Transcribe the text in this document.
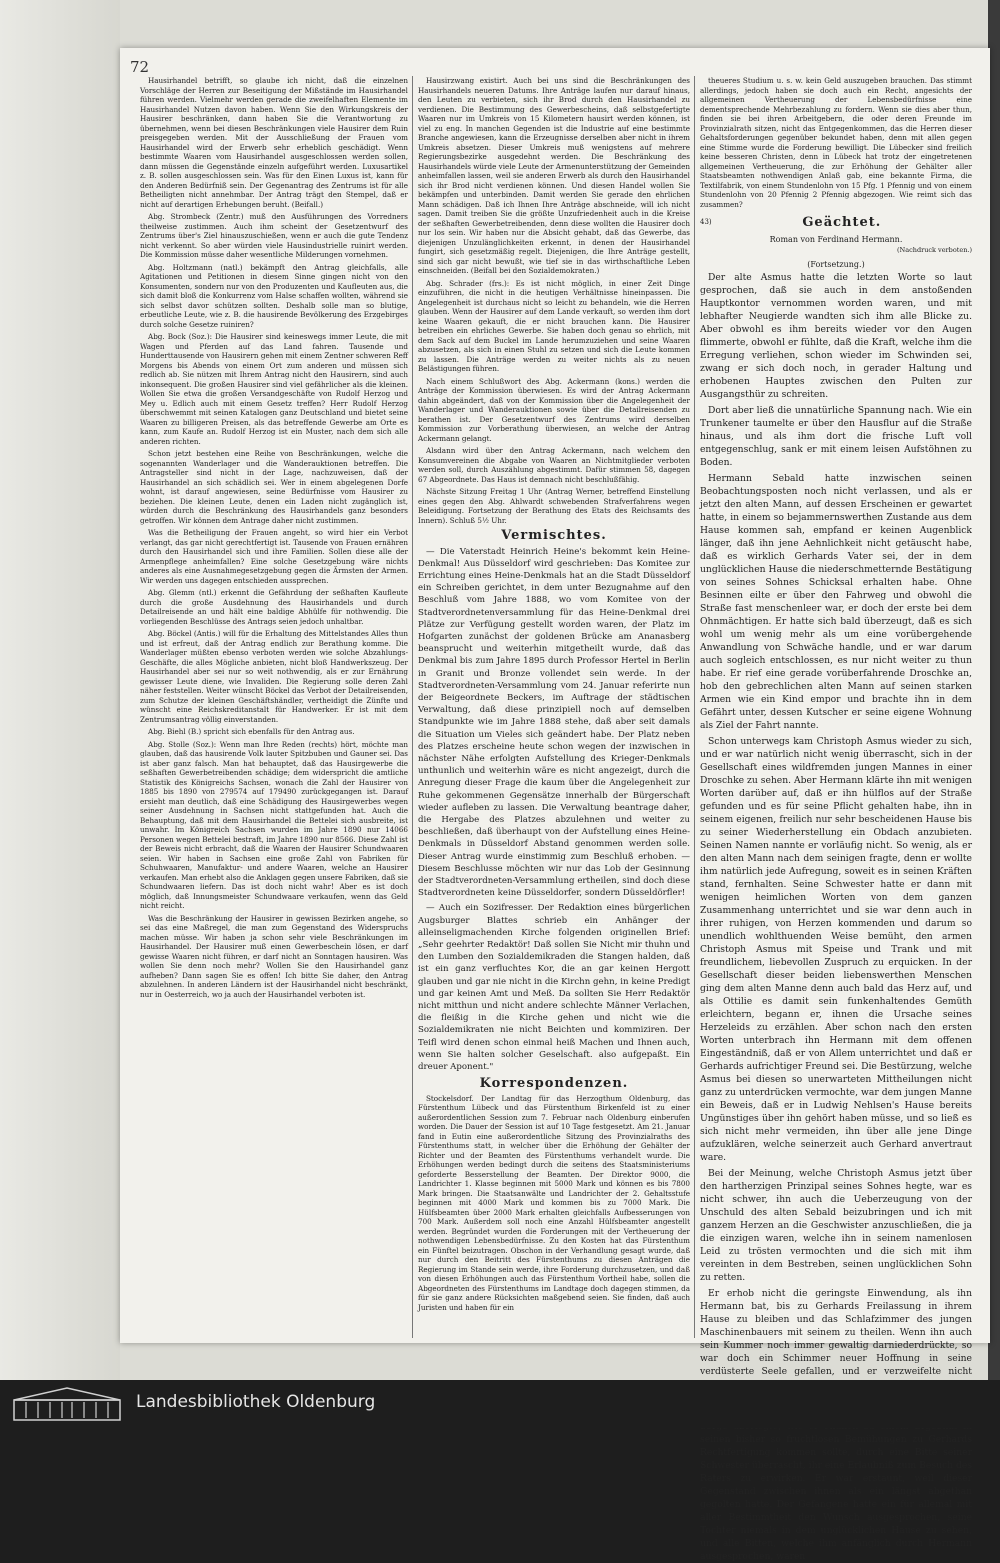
72

Hausirhandel betrifft, so glaube ich nicht, daß die einzelnen Vorschläge der Herren zur Beseitigung der Mißstände im Hausirhandel führen werden. Vielmehr werden gerade die zweifelhaften Elemente im Hausirhandel Nutzen davon haben. Wenn Sie den Wirkungskreis der Hausirer beschränken, dann haben Sie die Verantwortung zu übernehmen, wenn bei diesen Beschränkungen viele Hausirer dem Ruin preisgegeben werden. Mit der Ausschließung der Frauen vom Hausirhandel wird der Erwerb sehr erheblich geschädigt. Wenn bestimmte Waaren vom Hausirhandel ausgeschlossen werden sollen, dann müssen die Gegenstände einzeln aufgeführt werden. Luxusartikel z. B. sollen ausgeschlossen sein. Was für den Einen Luxus ist, kann für den Anderen Bedürfniß sein. Der Gegenantrag des Zentrums ist für alle Betheiligten nicht annehmbar. Der Antrag trägt den Stempel, daß er nicht auf derartigen Erhebungen beruht. (Beifall.)

Abg. Strombeck (Zentr.) muß den Ausführungen des Vorredners theilweise zustimmen. Auch ihm scheint der Gesetzentwurf des Zentrums über's Ziel hinauszuschießen, wenn er auch die gute Tendenz nicht verkennt. So aber würden viele Hausindustrielle ruinirt werden. Die Kommission müsse daher wesentliche Milderungen vornehmen.

Abg. Holtzmann (natl.) bekämpft den Antrag gleichfalls, alle Agitationen und Petitionen in diesem Sinne gingen nicht von den Konsumenten, sondern nur von den Produzenten und Kaufleuten aus, die sich damit bloß die Konkurrenz vom Halse schaffen wollten, während sie sich selbst davor schützen sollten. Deshalb solle man so blutige, erbeutliche Leute, wie z. B. die hausirende Bevölkerung des Erzgebirges durch solche Gesetze ruiniren?

Abg. Bock (Soz.): Die Hausirer sind keineswegs immer Leute, die mit Wagen und Pferden auf das Land fahren. Tausende und Hunderttausende von Hausirern gehen mit einem Zentner schweren Reff Morgens bis Abends von einem Ort zum anderen und müssen sich redlich ab. Sie nützen mit Ihrem Antrag nicht den Hausirern, sind auch inkonsequent. Die großen Hausirer sind viel gefährlicher als die kleinen. Wollen Sie etwa die großen Versandgeschäfte von Rudolf Herzog und Mey u. Edlich auch mit einem Gesetz treffen? Herr Rudolf Herzog überschwemmt mit seinen Katalogen ganz Deutschland und bietet seine Waaren zu billigeren Preisen, als das betreffende Gewerbe am Orte es kann, zum Kaufe an. Rudolf Herzog ist ein Muster, nach dem sich alle anderen richten.

Schon jetzt bestehen eine Reihe von Beschränkungen, welche die sogenannten Wanderlager und die Wanderauktionen betreffen. Die Antragsteller sind nicht in der Lage, nachzuweisen, daß der Hausirhandel an sich schädlich sei. Wer in einem abgelegenen Dorfe wohnt, ist darauf angewiesen, seine Bedürfnisse vom Hausirer zu beziehen. Die kleinen Leute, denen ein Laden nicht zugänglich ist, würden durch die Beschränkung des Hausirhandels ganz besonders getroffen. Wir können dem Antrage daher nicht zustimmen.

Was die Betheiligung der Frauen angeht, so wird hier ein Verbot verlangt, das gar nicht gerechtfertigt ist. Tausende von Frauen ernähren durch den Hausirhandel sich und ihre Familien. Sollen diese alle der Armenpflege anheimfallen? Eine solche Gesetzgebung wäre nichts anderes als eine Ausnahmegesetzgebung gegen die Ärmsten der Armen. Wir werden uns dagegen entschieden aussprechen.

Abg. Glemm (ntl.) erkennt die Gefährdung der seßhaften Kaufleute durch die große Ausdehnung des Hausirhandels und durch Detailreisende an und hält eine baldige Abhülfe für nothwendig. Die vorliegenden Beschlüsse des Antrags seien jedoch unhaltbar.

Abg. Böckel (Antis.) will für die Erhaltung des Mittelstandes Alles thun und ist erfreut, daß der Antrag endlich zur Berathung komme. Die Wanderlager müßten ebenso verboten werden wie solche Abzahlungs-Geschäfte, die alles Mögliche anbieten, nicht bloß Handwerkszeug. Der Hausirhandel aber sei nur so weit nothwendig, als er zur Ernährung gewisser Leute diene, wie Invaliden. Die Regierung solle deren Zahl näher feststellen. Weiter wünscht Böckel das Verbot der Detailreisenden, zum Schutze der kleinen Geschäftshändler, vertheidigt die Zünfte und wünscht eine Reichskreditanstalt für Handwerker. Er ist mit dem Zentrumsantrag völlig einverstanden.

Abg. Biehl (B.) spricht sich ebenfalls für den Antrag aus.

Abg. Stolle (Soz.): Wenn man Ihre Reden (rechts) hört, möchte man glauben, daß das hausirende Volk lauter Spitzbuben und Gauner sei. Das ist aber ganz falsch. Man hat behauptet, daß das Hausirgewerbe die seßhaften Gewerbetreibenden schädige; dem widerspricht die amtliche Statistik des Königreichs Sachsen, wonach die Zahl der Hausirer von 1885 bis 1890 von 279574 auf 179490 zurückgegangen ist. Darauf ersieht man deutlich, daß eine Schädigung des Hausirgewerbes wegen seiner Ausdehnung in Sachsen nicht stattgefunden hat. Auch die Behauptung, daß mit dem Hausirhandel die Bettelei sich ausbreite, ist unwahr. Im Königreich Sachsen wurden im Jahre 1890 nur 14066 Personen wegen Bettelei bestraft, im Jahre 1890 nur 8566. Diese Zahl ist der Beweis nicht erbracht, daß die Waaren der Hausirer Schundwaaren seien. Wir haben in Sachsen eine große Zahl von Fabriken für Schuhwaaren, Manufaktur- und andere Waaren, welche an Hausirer verkaufen. Man erhebt also die Anklagen gegen unsere Fabriken, daß sie Schundwaaren liefern. Das ist doch nicht wahr! Aber es ist doch möglich, daß Innungsmeister Schundwaare verkaufen, wenn das Geld nicht reicht.

Was die Beschränkung der Hausirer in gewissen Bezirken angehe, so sei das eine Maßregel, die man zum Gegenstand des Widerspruchs machen müsse. Wir haben ja schon sehr viele Beschränkungen im Hausirhandel. Der Hausirer muß einen Gewerbeschein lösen, er darf gewisse Waaren nicht führen, er darf nicht an Sonntagen hausiren. Was wollen Sie denn noch mehr? Wollen Sie den Hausirhandel ganz aufheben? Dann sagen Sie es offen! Ich bitte Sie daher, den Antrag abzulehnen. In anderen Ländern ist der Hausirhandel nicht beschränkt, nur in Oesterreich, wo ja auch der Hausirhandel verboten ist.

Hausirzwang existirt. Auch bei uns sind die Beschränkungen des Hausirhandels neueren Datums. Ihre Anträge laufen nur darauf hinaus, den Leuten zu verbieten, sich ihr Brod durch den Hausirhandel zu verdienen. Die Bestimmung des Gewerbescheins, daß selbstgefertigte Waaren nur im Umkreis von 15 Kilometern hausirt werden können, ist viel zu eng. In manchen Gegenden ist die Industrie auf eine bestimmte Branche angewiesen, kann die Erzeugnisse derselben aber nicht in ihrem Umkreis absetzen. Dieser Umkreis muß wenigstens auf mehrere Regierungsbezirke ausgedehnt werden. Die Beschränkung des Hausirhandels würde viele Leute der Armenunterstützung der Gemeinden anheimfallen lassen, weil sie anderen Erwerb als durch den Hausirhandel sich ihr Brod nicht verdienen können. Und diesen Handel wollen Sie bekämpfen und unterbinden. Damit werden Sie gerade den ehrlichen Mann schädigen. Daß ich Ihnen Ihre Anträge abschneide, will ich nicht sagen. Damit treiben Sie die größte Unzufriedenheit auch in die Kreise der seßhaften Gewerbetreibenden, denn diese wollten die Hausirer doch nur los sein. Wir haben nur die Absicht gehabt, daß das Gewerbe, das diejenigen Unzulänglichkeiten erkennt, in denen der Hausirhandel fungirt, sich gesetzmäßig regelt. Diejenigen, die Ihre Anträge gestellt, sind sich gar nicht bewußt, wie tief sie in das wirthschaftliche Leben einschneiden. (Beifall bei den Sozialdemokraten.)

Abg. Schrader (frs.): Es ist nicht möglich, in einer Zeit Dinge einzuführen, die nicht in die heutigen Verhältnisse hineinpassen. Die Angelegenheit ist durchaus nicht so leicht zu behandeln, wie die Herren glauben. Wenn der Hausirer auf dem Lande verkauft, so werden ihm dort keine Waaren gekauft, die er nicht brauchen kann. Die Hausirer betreiben ein ehrliches Gewerbe. Sie haben doch genau so ehrlich, mit dem Sack auf dem Buckel im Lande herumzuziehen und seine Waaren abzusetzen, als sich in einen Stuhl zu setzen und sich die Leute kommen zu lassen. Die Anträge werden zu weiter nichts als zu neuen Belästigungen führen.

Nach einem Schlußwort des Abg. Ackermann (kons.) werden die Anträge der Kommission überwiesen. Es wird der Antrag Ackermann dahin abgeändert, daß von der Kommission über die Angelegenheit der Wanderlager und Wanderauktionen sowie über die Detailreisenden zu berathen ist. Der Gesetzentwurf des Zentrums wird derselben Kommission zur Vorberathung überwiesen, an welche der Antrag Ackermann gelangt.

Alsdann wird über den Antrag Ackermann, nach welchem den Konsumvereinen die Abgabe von Waaren an Nichtmitglieder verboten werden soll, durch Auszählung abgestimmt. Dafür stimmen 58, dagegen 67 Abgeordnete. Das Haus ist demnach nicht beschlußfähig.

Nächste Sitzung Freitag 1 Uhr (Antrag Werner, betreffend Einstellung eines gegen den Abg. Ahlwardt schwebenden Strafverfahrens wegen Beleidigung. Fortsetzung der Berathung des Etats des Reichsamts des Innern). Schluß 5½ Uhr.

Vermischtes.

— Die Vaterstadt Heinrich Heine's bekommt kein Heine-Denkmal! Aus Düsseldorf wird geschrieben: Das Komitee zur Errichtung eines Heine-Denkmals hat an die Stadt Düsseldorf ein Schreiben gerichtet, in dem unter Bezugnahme auf den Beschluß vom Jahre 1888, wo vom Komitee von der Stadtverordnetenversammlung für das Heine-Denkmal drei Plätze zur Verfügung gestellt worden waren, der Platz im Hofgarten zunächst der goldenen Brücke am Ananasberg beansprucht und weiterhin mitgetheilt wurde, daß das Denkmal bis zum Jahre 1895 durch Professor Hertel in Berlin in Granit und Bronze vollendet sein werde. In der Stadtverordneten-Versammlung vom 24. Januar referirte nun der Beigeordnete Beckers, im Auftrage der städtischen Verwaltung, daß diese prinzipiell noch auf demselben Standpunkte wie im Jahre 1888 stehe, daß aber seit damals die Situation um Vieles sich geändert habe. Der Platz neben des Platzes erscheine heute schon wegen der inzwischen in nächster Nähe erfolgten Aufstellung des Krieger-Denkmals unthunlich und weiterhin wäre es nicht angezeigt, durch die Anregung dieser Frage die kaum über die Angelegenheit zur Ruhe gekommenen Gegensätze innerhalb der Bürgerschaft wieder aufleben zu lassen. Die Verwaltung beantrage daher, die Hergabe des Platzes abzulehnen und weiter zu beschließen, daß überhaupt von der Aufstellung eines Heine-Denkmals in Düsseldorf Abstand genommen werden solle. Dieser Antrag wurde einstimmig zum Beschluß erhoben. — Diesem Beschlusse möchten wir nur das Lob der Gesinnung der Stadtverordneten-Versammlung ertheilen, sind doch diese Stadtverordneten keine Düsseldorfer, sondern Düsseldörfler!

— Auch ein Sozifresser. Der Redaktion eines bürgerlichen Augsburger Blattes schrieb ein Anhänger der alleinseligmachenden Kirche folgenden originellen Brief: „Sehr geehrter Redaktör! Daß sollen Sie Nicht mir thuhn und den Lumben den Sozialdemikraden die Stangen halden, daß ist ein ganz verfluchtes Kor, die an gar keinen Hergott glauben und gar nie nicht in die Kirchn gehn, in keine Predigt und gar keinen Amt und Meß. Da sollten Sie Herr Redaktör nicht mitthun und nicht andere schlechte Männer Verlachen, die fleißig in die Kirche gehen und nicht wie die Sozialdemikraten nie nicht Beichten und kommiziren. Der Teifl wird denen schon einmal heiß Machen und Ihnen auch, wenn Sie halten solcher Geselschaft. also aufgepaßt. Ein dreuer Aponent."

Korrespondenzen.

Stockelsdorf. Der Landtag für das Herzogthum Oldenburg, das Fürstenthum Lübeck und das Fürstenthum Birkenfeld ist zu einer außerordentlichen Session zum 7. Februar nach Oldenburg einberufen worden. Die Dauer der Session ist auf 10 Tage festgesetzt. Am 21. Januar fand in Eutin eine außerordentliche Sitzung des Provinzialraths des Fürstenthums statt, in welcher über die Erhöhung der Gehälter der Richter und der Beamten des Fürstenthums verhandelt wurde. Die Erhöhungen werden bedingt durch die seitens des Staatsministeriums geforderte Besserstellung der Beamten. Der Direktor 9000, die Landrichter 1. Klasse beginnen mit 5000 Mark und können es bis 7800 Mark bringen. Die Staatsanwälte und Landrichter der 2. Gehaltsstufe beginnen mit 4000 Mark und kommen bis zu 7000 Mark. Die Hülfsbeamten über 2000 Mark erhalten gleichfalls Aufbesserungen von 700 Mark. Außerdem soll noch eine Anzahl Hülfsbeamter angestellt werden. Begründet wurden die Forderungen mit der Vertheuerung der nothwendigen Lebensbedürfnisse. Zu den Kosten hat das Fürstenthum ein Fünftel beizutragen. Obschon in der Verhandlung gesagt wurde, daß nur durch den Beitritt des Fürstenthums zu diesen Anträgen die Regierung im Stande sein werde, ihre Forderung durchzusetzen, und daß von diesen Erhöhungen auch das Fürstenthum Vortheil habe, sollen die Abgeordneten des Fürstenthums im Landtage doch dagegen stimmen, da für sie ganz andere Rücksichten maßgebend seien. Sie finden, daß auch Juristen und haben für ein

theueres Studium u. s. w. kein Geld auszugeben brauchen. Das stimmt allerdings, jedoch haben sie doch auch ein Recht, angesichts der allgemeinen Vertheuerung der Lebensbedürfnisse eine dementsprechende Mehrbezahlung zu fordern. Wenn sie dies aber thun, finden sie bei ihren Arbeitgebern, die oder deren Freunde im Provinzialrath sitzen, nicht das Entgegenkommen, das die Herren dieser Gehaltsforderungen gegenüber bekundet haben, denn mit allen gegen eine Stimme wurde die Forderung bewilligt. Die Lübecker sind freilich keine besseren Christen, denn in Lübeck hat trotz der eingetretenen allgemeinen Vertheuerung, die zur Erhöhung der Gehälter aller Staatsbeamten nothwendigen Anlaß gab, eine bekannte Firma, die Textilfabrik, von einem Stundenlohn von 15 Pfg. 1 Pfennig und von einem Stundenlohn von 20 Pfennig 2 Pfennig abgezogen. Wie reimt sich das zusammen?

43)	Geächtet.
Roman von Ferdinand Hermann.
(Nachdruck verboten.)
(Fortsetzung.)

Der alte Asmus hatte die letzten Worte so laut gesprochen, daß sie auch in dem anstoßenden Hauptkontor vernommen worden waren, und mit lebhafter Neugierde wandten sich ihm alle Blicke zu. Aber obwohl es ihm bereits wieder vor den Augen flimmerte, obwohl er fühlte, daß die Kraft, welche ihm die Erregung verliehen, schon wieder im Schwinden sei, zwang er sich doch noch, in gerader Haltung und erhobenen Hauptes zwischen den Pulten zur Ausgangsthür zu schreiten.

Dort aber ließ die unnatürliche Spannung nach. Wie ein Trunkener taumelte er über den Hausflur auf die Straße hinaus, und als ihm dort die frische Luft voll entgegenschlug, sank er mit einem leisen Aufstöhnen zu Boden.

Hermann Sebald hatte inzwischen seinen Beobachtungsposten noch nicht verlassen, und als er jetzt den alten Mann, auf dessen Erscheinen er gewartet hatte, in einem so bejammernswerthen Zustande aus dem Hause kommen sah, empfand er keinen Augenblick länger, daß ihn jene Aehnlichkeit nicht getäuscht habe, daß es wirklich Gerhards Vater sei, der in dem unglücklichen Hause die niederschmetternde Bestätigung von seines Sohnes Schicksal erhalten habe. Ohne Besinnen eilte er über den Fahrweg und obwohl die Straße fast menschenleer war, er doch der erste bei dem Ohnmächtigen. Er hatte sich bald überzeugt, daß es sich wohl um wenig mehr als um eine vorübergehende Anwandlung von Schwäche handle, und er war darum auch sogleich entschlossen, es nur nicht weiter zu thun habe. Er rief eine gerade vorüberfahrende Droschke an, hob den gebrechlichen alten Mann auf seinen starken Armen wie ein Kind empor und brachte ihn in dem Gefährt unter, dessen Kutscher er seine eigene Wohnung als Ziel der Fahrt nannte.

Schon unterwegs kam Christoph Asmus wieder zu sich, und er war natürlich nicht wenig überrascht, sich in der Gesellschaft eines wildfremden jungen Mannes in einer Droschke zu sehen. Aber Hermann klärte ihn mit wenigen Worten darüber auf, daß er ihn hülflos auf der Straße gefunden und es für seine Pflicht gehalten habe, ihn in seinem eigenen, freilich nur sehr bescheidenen Hause bis zu seiner Wiederherstellung ein Obdach anzubieten. Seinen Namen nannte er vorläufig nicht. So wenig, als er den alten Mann nach dem seinigen fragte, denn er wollte ihm natürlich jede Aufregung, soweit es in seinen Kräften stand, fernhalten. Seine Schwester hatte er dann mit wenigen heimlichen Worten von dem ganzen Zusammenhang unterrichtet und sie war denn auch in ihrer ruhigen, von Herzen kommenden und darum so unendlich wohlthuenden Weise bemüht, den armen Christoph Asmus mit Speise und Trank und mit freundlichem, liebevollen Zuspruch zu erquicken. In der Gesellschaft dieser beiden liebenswerthen Menschen ging dem alten Manne denn auch bald das Herz auf, und als Ottilie es damit sein funkenhaltendes Gemüth erleichtern, begann er, ihnen die Ursache seines Herzeleids zu erzählen. Aber schon nach den ersten Worten unterbrach ihn Hermann mit dem offenen Eingeständniß, daß er von Allem unterrichtet und daß er Gerhards aufrichtiger Freund sei. Die Bestürzung, welche Asmus bei diesen so unerwarteten Mittheilungen nicht ganz zu unterdrücken vermochte, war dem jungen Manne ein Beweis, daß er in Ludwig Nehlsen's Hause bereits Ungünstiges über ihn gehört haben müsse, und so ließ es sich nicht mehr vermeiden, ihn über alle jene Dinge aufzuklären, welche seinerzeit auch Gerhard anvertraut ware.

Bei der Meinung, welche Christoph Asmus jetzt über den hartherzigen Prinzipal seines Sohnes hegte, war es nicht schwer, ihn auch die Ueberzeugung von der Unschuld des alten Sebald beizubringen und ich mit ganzem Herzen an die Geschwister anzuschließen, die ja die einzigen waren, welche ihn in seinem namenlosen Leid zu trösten vermochten und die sich mit ihm vereinten in dem Bestreben, seinen unglücklichen Sohn zu retten.

Er erhob nicht die geringste Einwendung, als ihn Hermann bat, bis zu Gerhards Freilassung in ihrem Hause zu bleiben und das Schlafzimmer des jungen Maschinenbauers mit seinem zu theilen. Wenn ihn auch sein Kummer noch immer gewaltig darniederdrückte, so war doch ein Schimmer neuer Hoffnung in seine verdüsterte Seele gefallen, und er verzweifelte nicht

seinen bisher so fruchtlosen Bemühungen zu Gerhards Rechtfertigung kommen sollte, durch eine Bitte seiner Schwester überrascht, ihr eine Erlaubniß zum Besuch des Raters zu erwirken. Er war erstaunt, weil dieser Gegenstand zwischen ihnen als ein längst abgethan gegolten hatte. Der Gefangene hatte ein für allemal mit aller Bestimmtheit den Wunsch ausgesprochen, seine Tochter niemals in dem unglücklichen Hause zu sehen, und alle Bitten, welche ihm anfänglich durch Hermann ausgesprochen, waren

Landesbibliothek Oldenburg
